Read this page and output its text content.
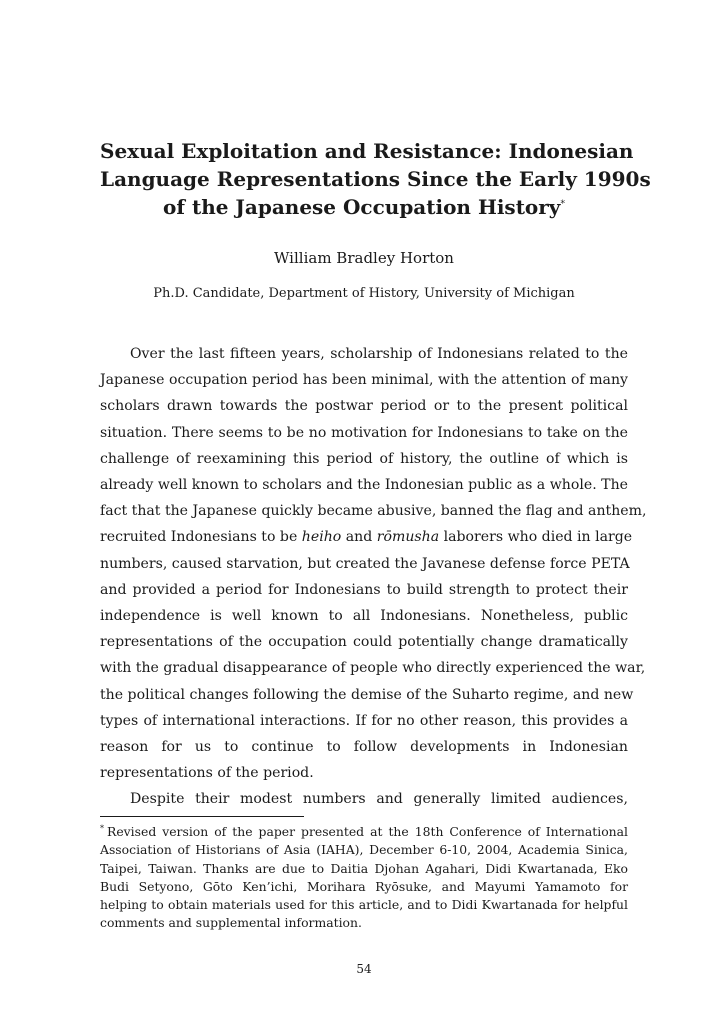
Sexual Exploitation and Resistance: Indonesian
Language Representations Since the Early 1990s
of the Japanese Occupation History*
William Bradley Horton
Ph.D. Candidate, Department of History, University of Michigan

Over the last fifteen years, scholarship of Indonesians related to the
Japanese occupation period has been minimal, with the attention of many
scholars drawn towards the postwar period or to the present political
situation. There seems to be no motivation for Indonesians to take on the
challenge of reexamining this period of history, the outline of which is
already well known to scholars and the Indonesian public as a whole. The
fact that the Japanese quickly became abusive, banned the flag and anthem,
recruited Indonesians to be heiho and rōmusha laborers who died in large
numbers, caused starvation, but created the Javanese defense force PETA
and provided a period for Indonesians to build strength to protect their
independence is well known to all Indonesians. Nonetheless, public
representations of the occupation could potentially change dramatically
with the gradual disappearance of people who directly experienced the war,
the political changes following the demise of the Suharto regime, and new
types of international interactions. If for no other reason, this provides a
reason for us to continue to follow developments in Indonesian
representations of the period.

Despite their modest numbers and generally limited audiences,

* Revised version of the paper presented at the 18th Conference of International
Association of Historians of Asia (IAHA), December 6-10, 2004, Academia Sinica,
Taipei, Taiwan. Thanks are due to Daitia Djohan Agahari, Didi Kwartanada, Eko
Budi Setyono, Gōto Ken’ichi, Morihara Ryōsuke, and Mayumi Yamamoto for
helping to obtain materials used for this article, and to Didi Kwartanada for helpful
comments and supplemental information.
54
